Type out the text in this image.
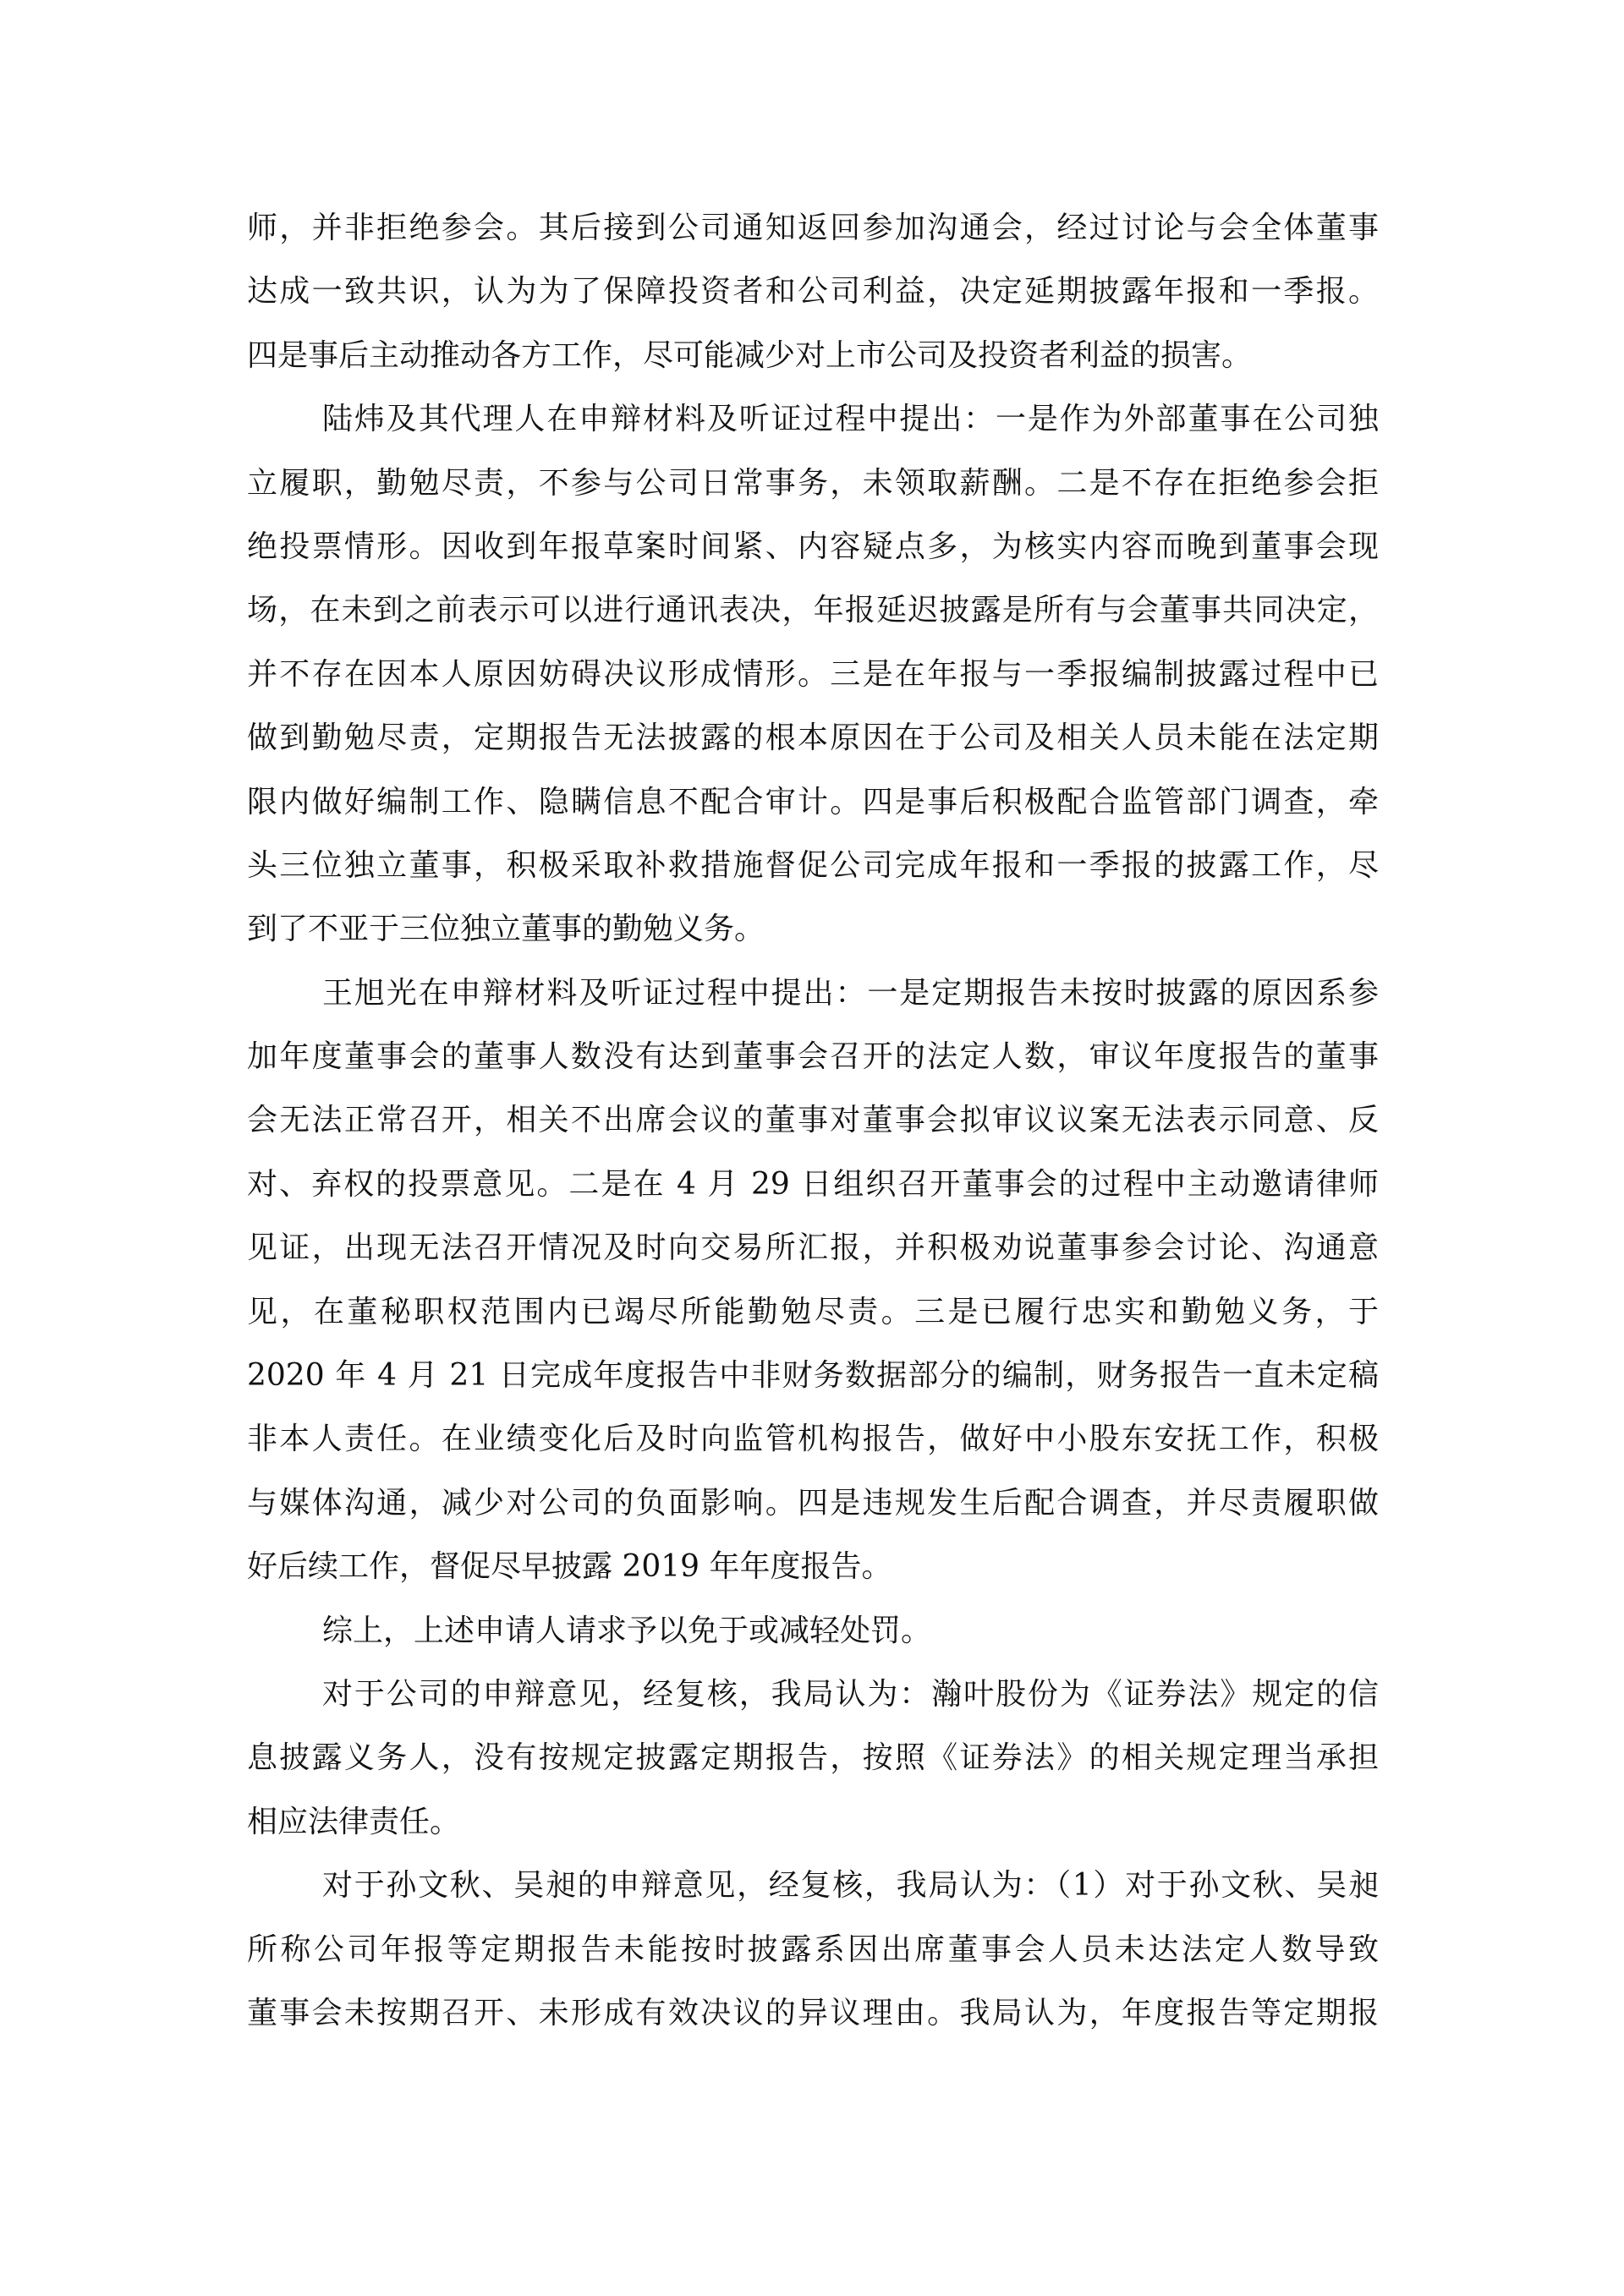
师，并非拒绝参会。其后接到公司通知返回参加沟通会，经过讨论与会全体董事
达成一致共识，认为为了保障投资者和公司利益，决定延期披露年报和一季报。
四是事后主动推动各方工作，尽可能减少对上市公司及投资者利益的损害。
陆炜及其代理人在申辩材料及听证过程中提出：一是作为外部董事在公司独
立履职，勤勉尽责，不参与公司日常事务，未领取薪酬。二是不存在拒绝参会拒
绝投票情形。因收到年报草案时间紧、内容疑点多，为核实内容而晚到董事会现
场，在未到之前表示可以进行通讯表决，年报延迟披露是所有与会董事共同决定，
并不存在因本人原因妨碍决议形成情形。三是在年报与一季报编制披露过程中已
做到勤勉尽责，定期报告无法披露的根本原因在于公司及相关人员未能在法定期
限内做好编制工作、隐瞒信息不配合审计。四是事后积极配合监管部门调查，牵
头三位独立董事，积极采取补救措施督促公司完成年报和一季报的披露工作，尽
到了不亚于三位独立董事的勤勉义务。
王旭光在申辩材料及听证过程中提出：一是定期报告未按时披露的原因系参
加年度董事会的董事人数没有达到董事会召开的法定人数，审议年度报告的董事
会无法正常召开，相关不出席会议的董事对董事会拟审议议案无法表示同意、反
对、弃权的投票意见。二是在 4 月 29 日组织召开董事会的过程中主动邀请律师
见证，出现无法召开情况及时向交易所汇报，并积极劝说董事参会讨论、沟通意
见，在董秘职权范围内已竭尽所能勤勉尽责。三是已履行忠实和勤勉义务，于
2020 年 4 月 21 日完成年度报告中非财务数据部分的编制，财务报告一直未定稿
非本人责任。在业绩变化后及时向监管机构报告，做好中小股东安抚工作，积极
与媒体沟通，减少对公司的负面影响。四是违规发生后配合调查，并尽责履职做
好后续工作，督促尽早披露 2019 年年度报告。
综上，上述申请人请求予以免于或减轻处罚。
对于公司的申辩意见，经复核，我局认为：瀚叶股份为《证券法》规定的信
息披露义务人，没有按规定披露定期报告，按照《证券法》的相关规定理当承担
相应法律责任。
对于孙文秋、吴昶的申辩意见，经复核，我局认为：（1）对于孙文秋、吴昶
所称公司年报等定期报告未能按时披露系因出席董事会人员未达法定人数导致
董事会未按期召开、未形成有效决议的异议理由。我局认为，年度报告等定期报
